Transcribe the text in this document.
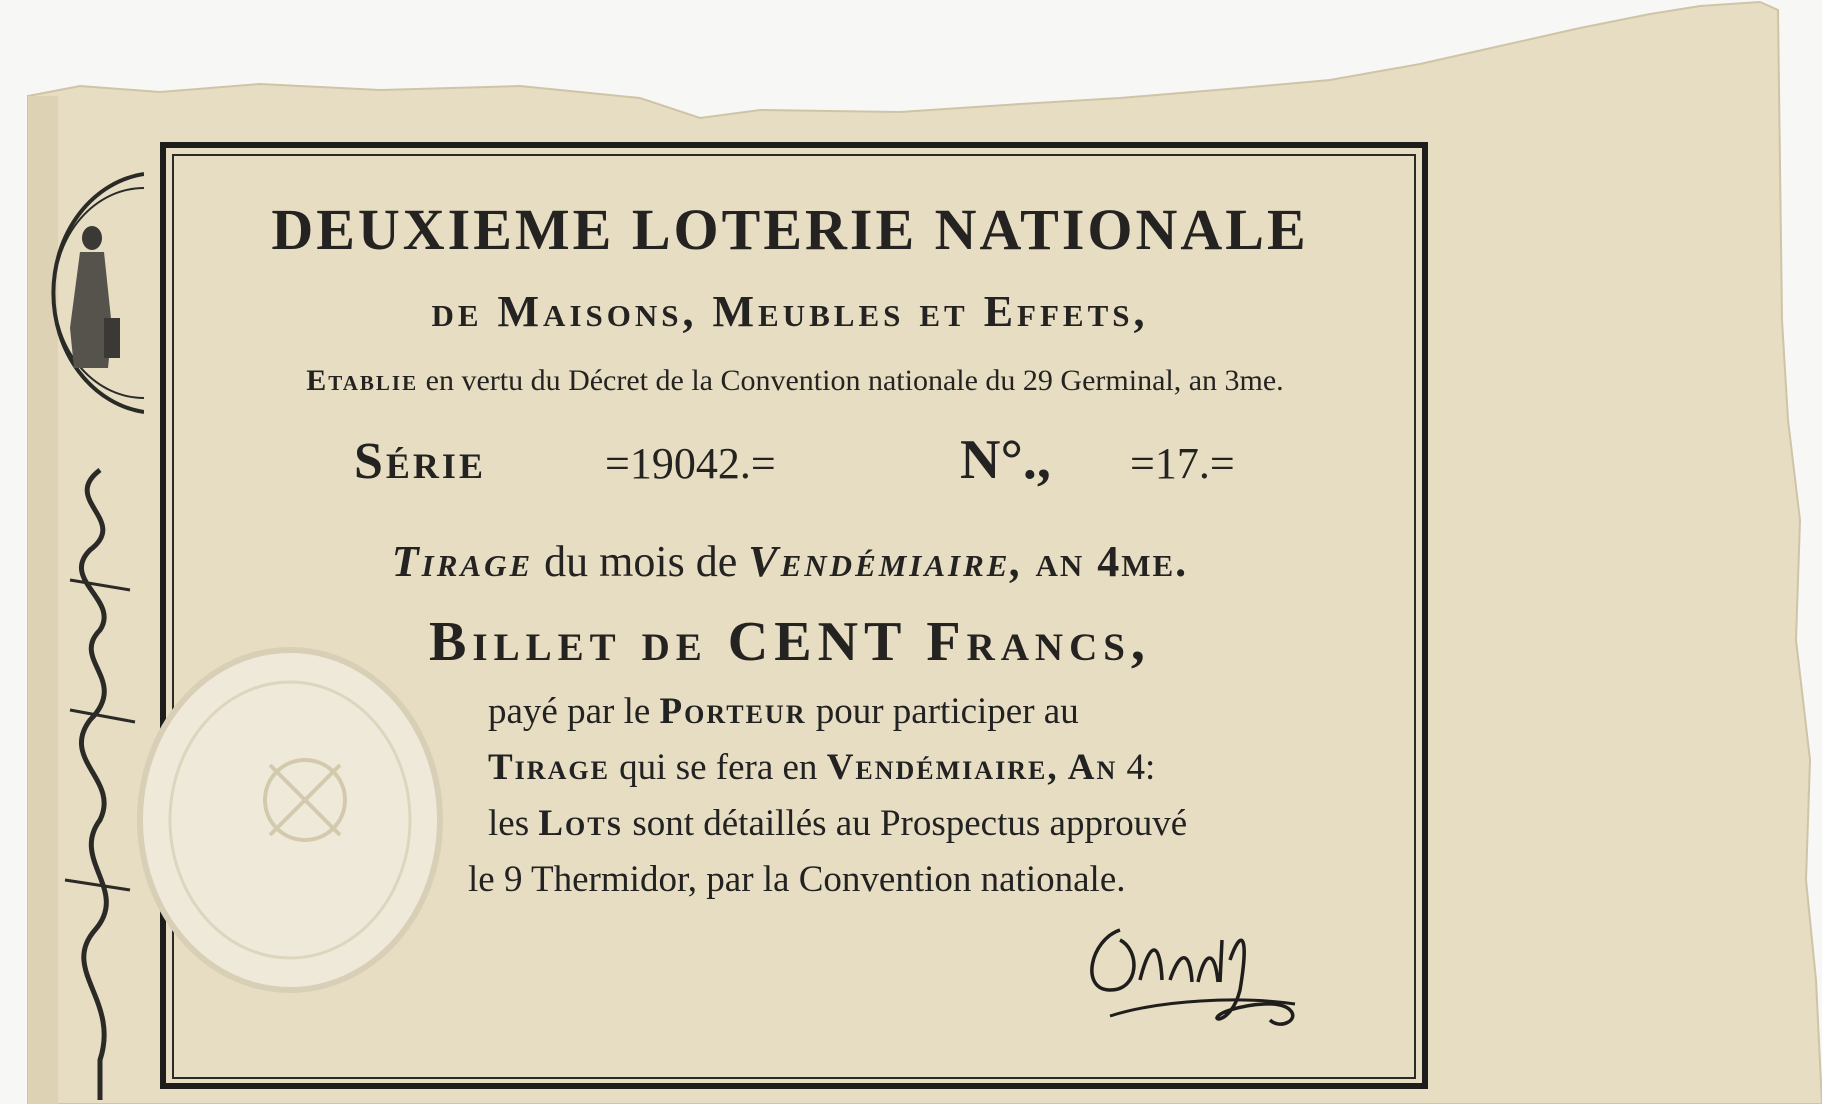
DEUXIEME LOTERIE NATIONALE
de Maisons, Meubles et Effets,
Etablie en vertu du Décret de la Convention nationale du 29 Germinal, an 3me.
Série	=19042.=	N°., =17.=
Tirage du mois de Vendémiaire, an 4me.
Billet de CENT Francs,
payé par le Porteur pour participer au
Tirage qui se fera en Vendémiaire, An 4:
les Lots sont détaillés au Prospectus approuvé
le 9 Thermidor, par la Convention nationale.
